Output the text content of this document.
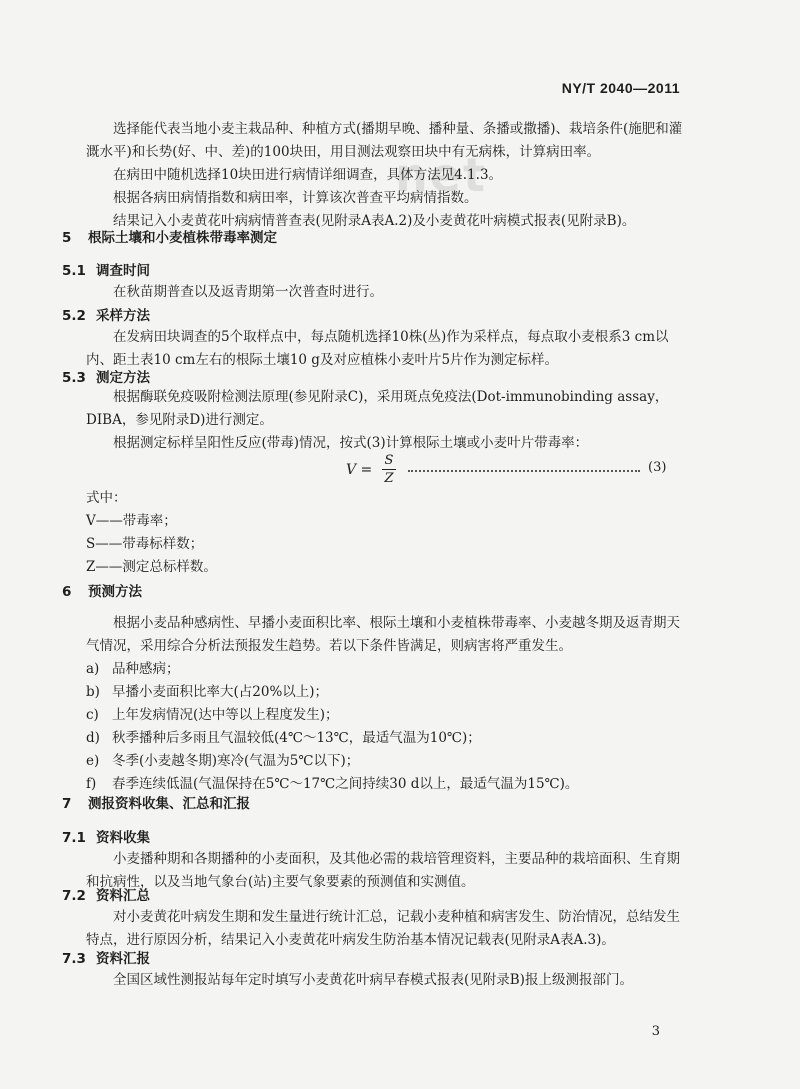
NY/T 2040—2011
net

选择能代表当地小麦主栽品种、种植方式(播期早晚、播种量、条播或撒播)、栽培条件(施肥和灌溉水平)和长势(好、中、差)的100块田，用目测法观察田块中有无病株，计算病田率。

在病田中随机选择10块田进行病情详细调查，具体方法见4.1.3。

根据各病田病情指数和病田率，计算该次普查平均病情指数。

结果记入小麦黄花叶病病情普查表(见附录A表A.2)及小麦黄花叶病模式报表(见附录B)。

5 根际土壤和小麦植株带毒率测定
5.1 调查时间

在秋苗期普查以及返青期第一次普查时进行。

5.2 采样方法

在发病田块调查的5个取样点中，每点随机选择10株(丛)作为采样点，每点取小麦根系3 cm以内、距土表10 cm左右的根际土壤10 g及对应植株小麦叶片5片作为测定标样。

5.3 测定方法

根据酶联免疫吸附检测法原理(参见附录C)，采用斑点免疫法(Dot-immunobinding assay，DIBA，参见附录D)进行测定。

根据测定标样呈阳性反应(带毒)情况，按式(3)计算根际土壤或小麦叶片带毒率：

$V = \frac{S}{Z}$	(3)

式中：

V——带毒率；

S——带毒标样数；

Z——测定总标样数。

6 预测方法

根据小麦品种感病性、早播小麦面积比率、根际土壤和小麦植株带毒率、小麦越冬期及返青期天气情况，采用综合分析法预报发生趋势。若以下条件皆满足，则病害将严重发生。

a) 品种感病；
b) 早播小麦面积比率大(占20%以上)；
c) 上年发病情况(达中等以上程度发生)；
d) 秋季播种后多雨且气温较低(4℃～13℃，最适气温为10℃)；
e) 冬季(小麦越冬期)寒冷(气温为5℃以下)；
f) 春季连续低温(气温保持在5℃～17℃之间持续30 d以上，最适气温为15℃)。
7 测报资料收集、汇总和汇报
7.1 资料收集

小麦播种期和各期播种的小麦面积，及其他必需的栽培管理资料，主要品种的栽培面积、生育期和抗病性，以及当地气象台(站)主要气象要素的预测值和实测值。

7.2 资料汇总

对小麦黄花叶病发生期和发生量进行统计汇总，记载小麦种植和病害发生、防治情况，总结发生特点，进行原因分析，结果记入小麦黄花叶病发生防治基本情况记载表(见附录A表A.3)。

7.3 资料汇报

全国区域性测报站每年定时填写小麦黄花叶病早春模式报表(见附录B)报上级测报部门。

3
